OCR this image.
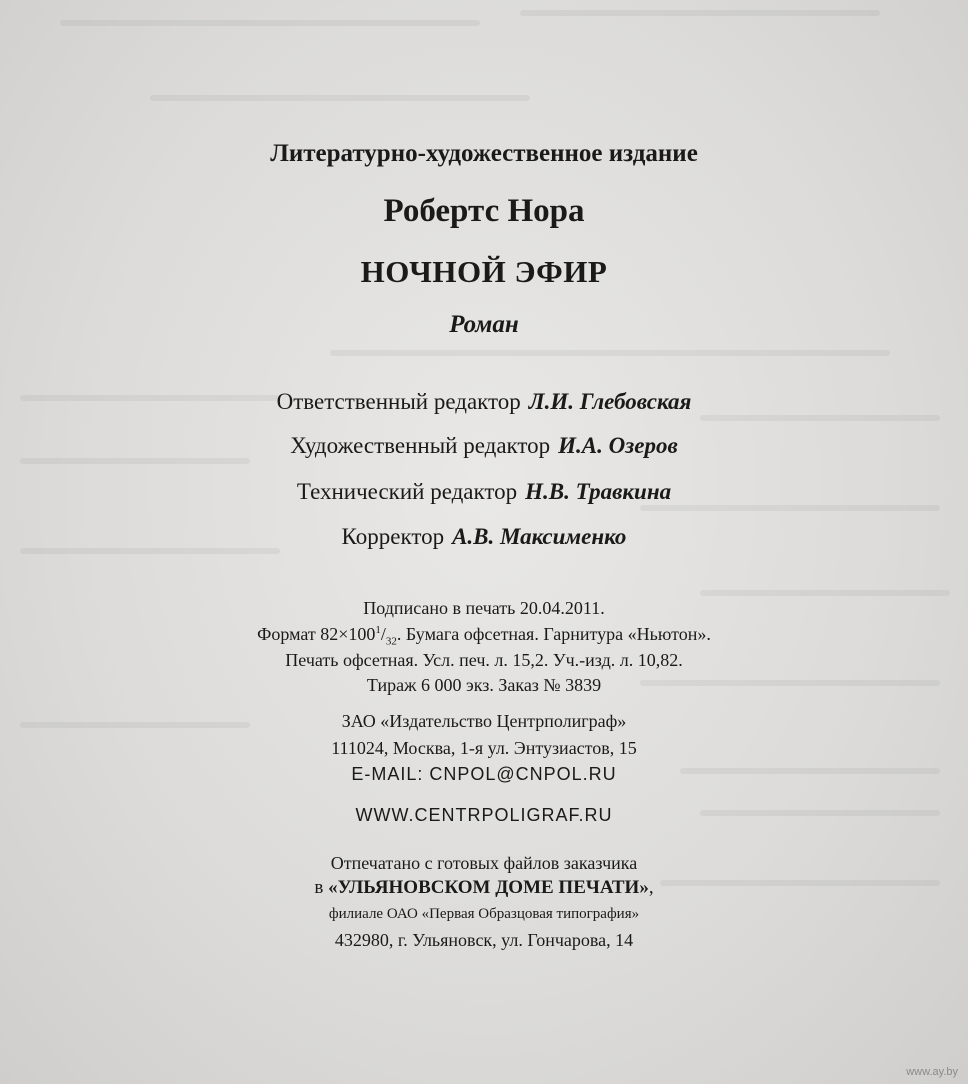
Литературно-художественное издание
Робертс Нора
НОЧНОЙ ЭФИР
Роман
Ответственный редактор Л.И. Глебовская
Художественный редактор И.А. Озеров
Технический редактор Н.В. Травкина
Корректор А.В. Максименко
Подписано в печать 20.04.2011.
Формат $82\times 100^1/_{32}$. Бумага офсетная. Гарнитура «Ньютон».
Печать офсетная. Усл. печ. л. 15,2. Уч.-изд. л. 10,82.
Тираж 6 000 экз. Заказ № 3839
ЗАО «Издательство Центрполиграф»
111024, Москва, 1-я ул. Энтузиастов, 15
E-MAIL: CNPOL@CNPOL.RU
WWW.CENTRPOLIGRAF.RU
Отпечатано с готовых файлов заказчика
в «УЛЬЯНОВСКОМ ДОМЕ ПЕЧАТИ»,
филиале ОАО «Первая Образцовая типография»
432980, г. Ульяновск, ул. Гончарова, 14
www.ay.by
